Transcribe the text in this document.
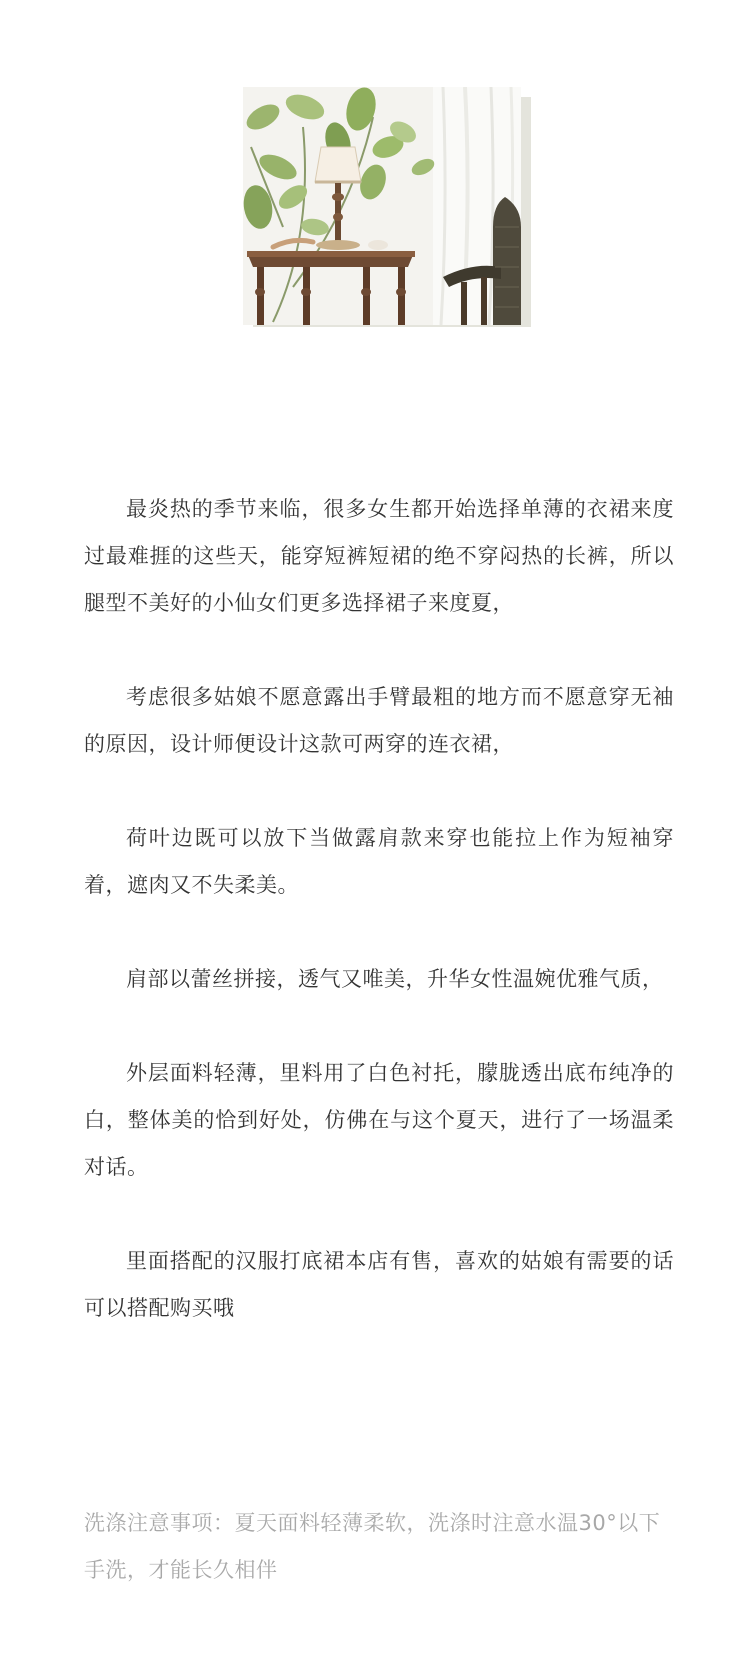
最炎热的季节来临，很多女生都开始选择单薄的衣裙来度过最难捱的这些天，能穿短裤短裙的绝不穿闷热的长裤，所以腿型不美好的小仙女们更多选择裙子来度夏，

考虑很多姑娘不愿意露出手臂最粗的地方而不愿意穿无袖的原因，设计师便设计这款可两穿的连衣裙，

荷叶边既可以放下当做露肩款来穿也能拉上作为短袖穿着，遮肉又不失柔美。

肩部以蕾丝拼接，透气又唯美，升华女性温婉优雅气质，

外层面料轻薄，里料用了白色衬托，朦胧透出底布纯净的白，整体美的恰到好处，仿佛在与这个夏天，进行了一场温柔对话。

里面搭配的汉服打底裙本店有售，喜欢的姑娘有需要的话可以搭配购买哦

洗涤注意事项：夏天面料轻薄柔软，洗涤时注意水温30°以下手洗，才能长久相伴
